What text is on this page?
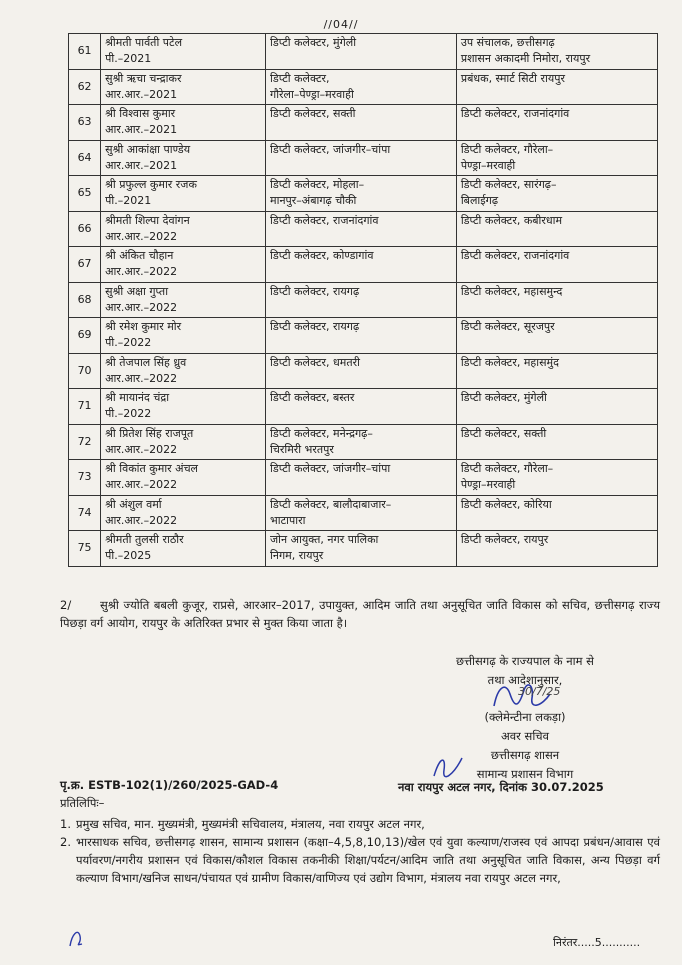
//04//
61	श्रीमती पार्वती पटेल
पी.–2021	डिप्टी कलेक्टर, मुंगेली	उप संचालक, छत्तीसगढ़
प्रशासन अकादमी निमोरा, रायपुर

62	सुश्री ऋचा चन्द्राकर
आर.आर.–2021	डिप्टी कलेक्टर,
गौरेला–पेण्ड्रा–मरवाही	प्रबंधक, स्मार्ट सिटी रायपुर

63	श्री विश्वास कुमार
आर.आर.–2021	डिप्टी कलेक्टर, सक्ती	डिप्टी कलेक्टर, राजनांदगांव

64	सुश्री आकांक्षा पाण्डेय
आर.आर.–2021	डिप्टी कलेक्टर, जांजगीर–चांपा	डिप्टी कलेक्टर, गौरेला–
पेण्ड्रा–मरवाही

65	श्री प्रफुल्ल कुमार रजक
पी.–2021	डिप्टी कलेक्टर, मोहला–
मानपुर–अंबागढ़ चौकी	डिप्टी कलेक्टर, सारंगढ़–
बिलाईगढ़

66	श्रीमती शिल्पा देवांगन
आर.आर.–2022	डिप्टी कलेक्टर, राजनांदगांव	डिप्टी कलेक्टर, कबीरधाम

67	श्री अंकित चौहान
आर.आर.–2022	डिप्टी कलेक्टर, कोण्डागांव	डिप्टी कलेक्टर, राजनांदगांव

68	सुश्री अक्षा गुप्ता
आर.आर.–2022	डिप्टी कलेक्टर, रायगढ़	डिप्टी कलेक्टर, महासमुन्द

69	श्री रमेश कुमार मोर
पी.–2022	डिप्टी कलेक्टर, रायगढ़	डिप्टी कलेक्टर, सूरजपुर

70	श्री तेजपाल सिंह ध्रुव
आर.आर.–2022	डिप्टी कलेक्टर, धमतरी	डिप्टी कलेक्टर, महासमुंद

71	श्री मायानंद चंद्रा
पी.–2022	डिप्टी कलेक्टर, बस्तर	डिप्टी कलेक्टर, मुंगेली

72	श्री प्रितेश सिंह राजपूत
आर.आर.–2022	डिप्टी कलेक्टर, मनेन्द्रगढ़–
चिरमिरी भरतपुर	डिप्टी कलेक्टर, सक्ती

73	श्री विकांत कुमार अंचल
आर.आर.–2022	डिप्टी कलेक्टर, जांजगीर–चांपा	डिप्टी कलेक्टर, गौरेला–
पेण्ड्रा–मरवाही

74	श्री अंशुल वर्मा
आर.आर.–2022	डिप्टी कलेक्टर, बालौदाबाजार–
भाटापारा	डिप्टी कलेक्टर, कोरिया

75	श्रीमती तुलसी राठौर
पी.–2025	जोन आयुक्त, नगर पालिका
निगम, रायपुर	डिप्टी कलेक्टर, रायपुर
2/	सुश्री ज्योति बबली कुजूर, राप्रसे, आरआर–2017, उपायुक्त, आदिम जाति तथा अनुसूचित जाति विकास को सचिव, छत्तीसगढ़ राज्य पिछड़ा वर्ग आयोग, रायपुर के अतिरिक्त प्रभार से मुक्त किया जाता है।
छत्तीसगढ़ के राज्यपाल के नाम से
तथा आदेशानुसार,
30/7/25
(क्लेमेन्टीना लकड़ा)
अवर सचिव
छत्तीसगढ़ शासन
सामान्य प्रशासन विभाग
पृ.क्र. ESTB-102(1)/260/2025-GAD-4	नवा रायपुर अटल नगर, दिनांक 30.07.2025
प्रतिलिपिः–
1. प्रमुख सचिव, मान. मुख्यमंत्री, मुख्यमंत्री सचिवालय, मंत्रालय, नवा रायपुर अटल नगर,
2. भारसाधक सचिव, छत्तीसगढ़ शासन, सामान्य प्रशासन (कक्षा–4,5,8,10,13)/खेल एवं युवा कल्याण/राजस्व एवं आपदा प्रबंधन/आवास एवं पर्यावरण/नगरीय प्रशासन एवं विकास/कौशल विकास तकनीकी शिक्षा/पर्यटन/आदिम जाति तथा अनुसूचित जाति विकास, अन्य पिछड़ा वर्ग कल्याण विभाग/खनिज साधन/पंचायत एवं ग्रामीण विकास/वाणिज्य एवं उद्योग विभाग, मंत्रालय नवा रायपुर अटल नगर,
निरंतर.....5...........
